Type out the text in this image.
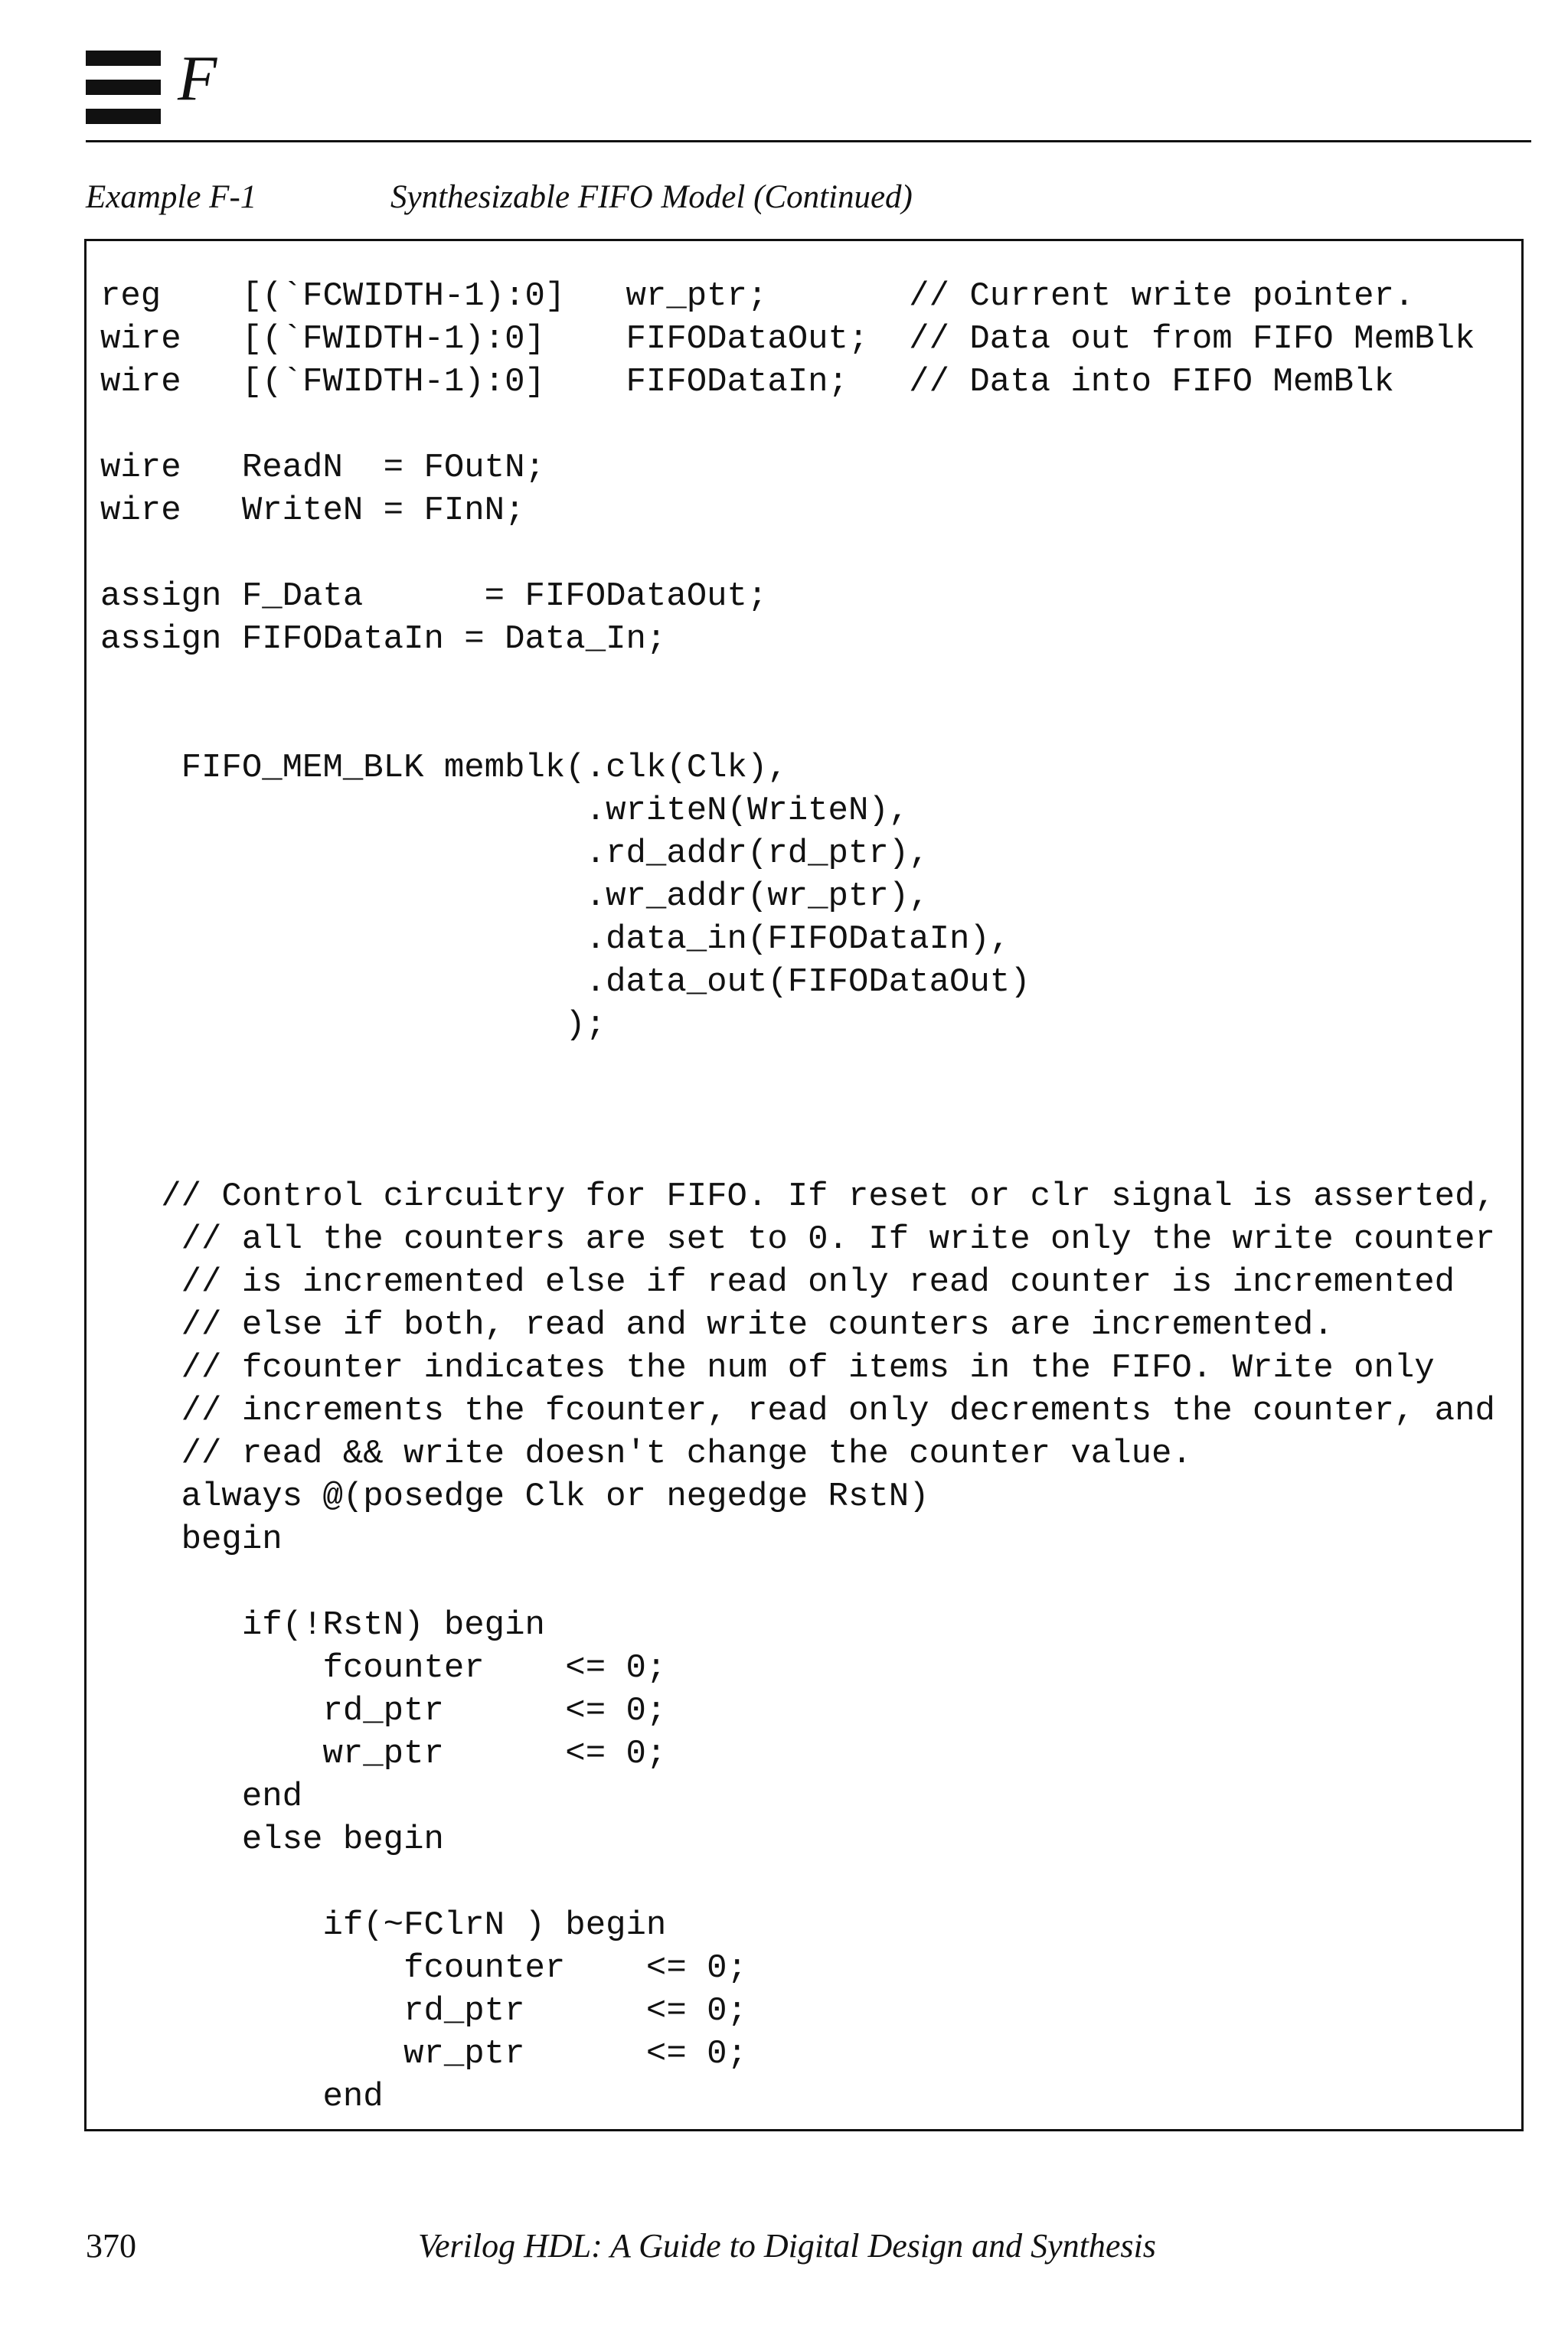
F
Example F-1	Synthesizable FIFO Model (Continued)
reg    [(`FCWIDTH-1):0]   wr_ptr;       // Current write pointer.
wire   [(`FWIDTH-1):0]    FIFODataOut;  // Data out from FIFO MemBlk
wire   [(`FWIDTH-1):0]    FIFODataIn;   // Data into FIFO MemBlk
wire   ReadN  = FOutN;
wire   WriteN = FInN;
assign F_Data      = FIFODataOut;
assign FIFODataIn = Data_In;
FIFO_MEM_BLK memblk(.clk(Clk),
.writeN(WriteN),
.rd_addr(rd_ptr),
.wr_addr(wr_ptr),
.data_in(FIFODataIn),
.data_out(FIFODataOut)
);
// Control circuitry for FIFO. If reset or clr signal is asserted,
// all the counters are set to 0. If write only the write counter
// is incremented else if read only read counter is incremented
// else if both, read and write counters are incremented.
// fcounter indicates the num of items in the FIFO. Write only
// increments the fcounter, read only decrements the counter, and
// read && write doesn't change the counter value.
always @(posedge Clk or negedge RstN)
begin
if(!RstN) begin
fcounter    <= 0;
rd_ptr      <= 0;
wr_ptr      <= 0;
end
else begin
if(~FClrN ) begin
fcounter    <= 0;
rd_ptr      <= 0;
wr_ptr      <= 0;
end
370	Verilog HDL: A Guide to Digital Design and Synthesis
